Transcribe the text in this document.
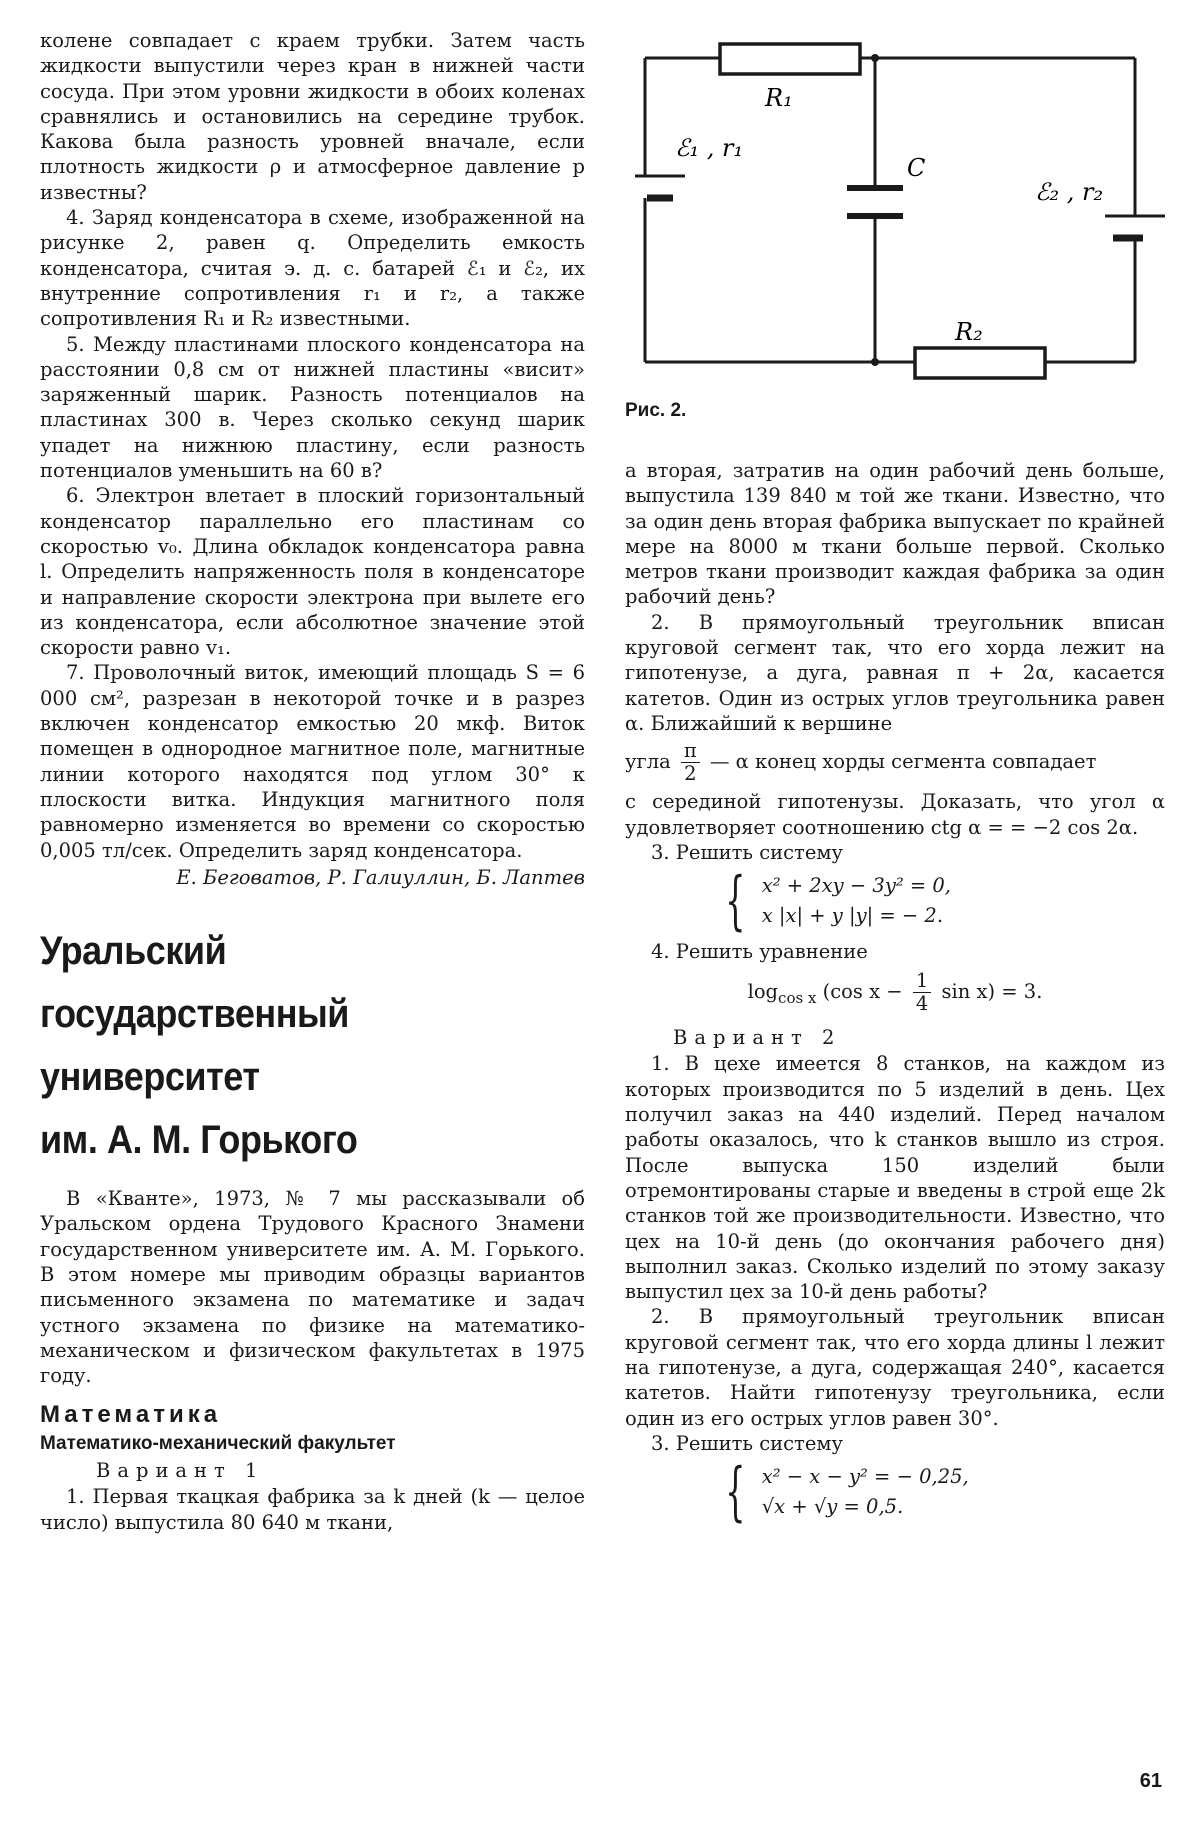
колене совпадает с краем трубки. Затем часть жидкости выпустили через кран в нижней части сосуда. При этом уровни жидкости в обоих коленах сравнялись и остановились на середине трубок. Какова была разность уровней вначале, если плотность жидкости ρ и атмосферное давление p известны?

4. Заряд конденсатора в схеме, изображенной на рисунке 2, равен q. Определить емкость конденсатора, считая э. д. с. батарей ℰ₁ и ℰ₂, их внутренние сопротивления r₁ и r₂, а также сопротивления R₁ и R₂ известными.

5. Между пластинами плоского конденсатора на расстоянии 0,8 см от нижней пластины «висит» заряженный шарик. Разность потенциалов на пластинах 300 в. Через сколько секунд шарик упадет на нижнюю пластину, если разность потенциалов уменьшить на 60 в?

6. Электрон влетает в плоский горизонтальный конденсатор параллельно его пластинам со скоростью v₀. Длина обкладок конденсатора равна l. Определить напряженность поля в конденсаторе и направление скорости электрона при вылете его из конденсатора, если абсолютное значение этой скорости равно v₁.

7. Проволочный виток, имеющий площадь S = 6 000 см², разрезан в некоторой точке и в разрез включен конденсатор емкостью 20 мкф. Виток помещен в однородное магнитное поле, магнитные линии которого находятся под углом 30° к плоскости витка. Индукция магнитного поля равномерно изменяется во времени со скоростью 0,005 тл/сек. Определить заряд конденсатора.

Е. Беговатов, Р. Галиуллин, Б. Лаптев

Уральский
государственный
университет
им. А. М. Горького

В «Кванте», 1973, № 7 мы рассказывали об Уральском ордена Трудового Красного Знамени государственном университете им. А. М. Горького. В этом номере мы приводим образцы вариантов письменного экзамена по математике и задач устного экзамена по физике на математико-механическом и физическом факультетах в 1975 году.

Математика
Математико-механический факультет
Вариант 1

1. Первая ткацкая фабрика за k дней (k — целое число) выпустила 80 640 м ткани,

R₁
R₂
C
ℰ₁ , r₁
ℰ₂ , r₂
Рис. 2.

а вторая, затратив на один рабочий день больше, выпустила 139 840 м той же ткани. Известно, что за один день вторая фабрика выпускает по крайней мере на 8000 м ткани больше первой. Сколько метров ткани производит каждая фабрика за один рабочий день?

2. В прямоугольный треугольник вписан круговой сегмент так, что его хорда лежит на гипотенузе, а дуга, равная π + 2α, касается катетов. Один из острых углов треугольника равен α. Ближайший к вершине

угла $\frac{\pi}{2}$ — α конец хорды сегмента совпадает

с серединой гипотенузы. Доказать, что угол α удовлетворяет соотношению ctg α = = −2 cos 2α.

3. Решить систему

{ x² + 2xy − 3y² = 0,
x |x| + y |y| = − 2.

4. Решить уравнение

$\log_{cos x} (\cos$ $x - \frac{1}{4}$ sin x) = 3.
Вариант 2

1. В цехе имеется 8 станков, на каждом из которых производится по 5 изделий в день. Цех получил заказ на 440 изделий. Перед началом работы оказалось, что k станков вышло из строя. После выпуска 150 изделий были отремонтированы старые и введены в строй еще 2k станков той же производительности. Известно, что цех на 10-й день (до окончания рабочего дня) выполнил заказ. Сколько изделий по этому заказу выпустил цех за 10-й день работы?

2. В прямоугольный треугольник вписан круговой сегмент так, что его хорда длины l лежит на гипотенузе, а дуга, содержащая 240°, касается катетов. Найти гипотенузу треугольника, если один из его острых углов равен 30°.

3. Решить систему

{ x² − x − y² = − 0,25,
√x + √y = 0,5.
61
